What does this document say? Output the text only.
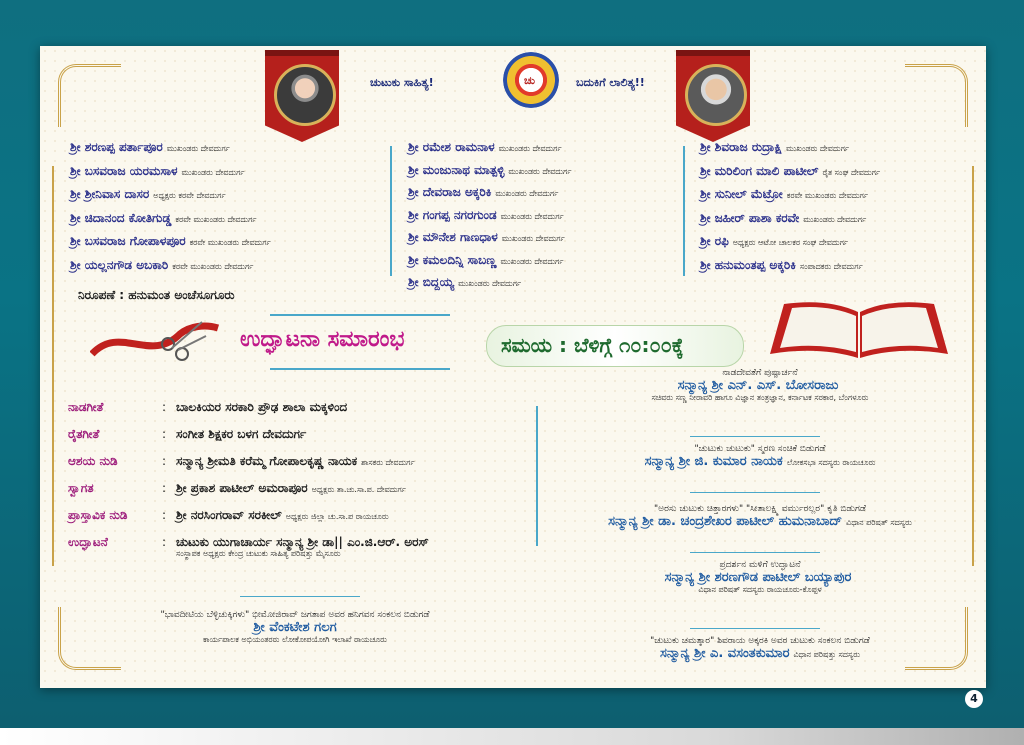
ಚುಟುಕು ಸಾಹಿತ್ಯ!	ಚು	ಬದುಕಿಗೆ ಲಾಲಿತ್ಯ!!
ಶ್ರೀ ಶರಣಪ್ಪ ಪರ್ತಾಪೂರ ಮುಖಂಡರು ದೇವದುರ್ಗ
ಶ್ರೀ ಬಸವರಾಜ ಯರಮಸಾಳ ಮುಖಂಡರು ದೇವದುರ್ಗ
ಶ್ರೀ ಶ್ರೀನಿವಾಸ ದಾಸರ ಅಧ್ಯಕ್ಷರು ಕರವೇ ದೇವದುರ್ಗ
ಶ್ರೀ ಚಿದಾನಂದ ಕೋತಿಗುಡ್ಡ ಕರವೇ ಮುಖಂಡರು ದೇವದುರ್ಗ
ಶ್ರೀ ಬಸವರಾಜ ಗೋಪಾಳಪೂರ ಕರವೇ ಮುಖಂಡರು ದೇವದುರ್ಗ
ಶ್ರೀ ಯಲ್ಲನಗೌಡ ಅಬಕಾರಿ ಕರವೇ ಮುಖಂಡರು ದೇವದುರ್ಗ
ಶ್ರೀ ರಮೇಶ ರಾಮನಾಳ ಮುಖಂಡರು ದೇವದುರ್ಗ
ಶ್ರೀ ಮಂಜುನಾಥ ಮಾತ್ಪಳ್ಳಿ ಮುಖಂಡರು ದೇವದುರ್ಗ
ಶ್ರೀ ದೇವರಾಜ ಅಕ್ಕರಿಕಿ ಮುಖಂಡರು ದೇವದುರ್ಗ
ಶ್ರೀ ಗಂಗಪ್ಪ ನಗರಗುಂಡ ಮುಖಂಡರು ದೇವದುರ್ಗ
ಶ್ರೀ ಮೌನೇಶ ಗಾಣಧಾಳ ಮುಖಂಡರು ದೇವದುರ್ಗ
ಶ್ರೀ ಕಮಲದಿನ್ನಿ ಸಾಬಣ್ಣ ಮುಖಂಡರು ದೇವದುರ್ಗ
ಶ್ರೀ ಬಿದ್ದಯ್ಯ ಮುಖಂಡರು ದೇವದುರ್ಗ
ಶ್ರೀ ಶಿವರಾಜ ರುದ್ರಾಕ್ಷಿ ಮುಖಂಡರು ದೇವದುರ್ಗ
ಶ್ರೀ ಮರಿಲಿಂಗ ಮಾಲಿ ಪಾಟೀಲ್ ರೈತ ಸಂಘ ದೇವದುರ್ಗ
ಶ್ರೀ ಸುನೀಲ್ ಮೆಟ್ರೋ ಕರವೇ ಮುಖಂಡರು ದೇವದುರ್ಗ
ಶ್ರೀ ಜಹೀರ್ ಪಾಶಾ ಕರವೇ ಮುಖಂಡರು ದೇವದುರ್ಗ
ಶ್ರೀ ರಫಿ ಅಧ್ಯಕ್ಷರು ಆಟೋ ಚಾಲಕರ ಸಂಘ ದೇವದುರ್ಗ
ಶ್ರೀ ಹನುಮಂತಪ್ಪ ಅಕ್ಕರಿಕಿ ಸಂಪಾದಕರು ದೇವದುರ್ಗ
ನಿರೂಪಣೆ : ಹನುಮಂತ ಅಂಚೆಸೂಗೂರು
ಉದ್ಘಾಟನಾ ಸಮಾರಂಭ	ಸಮಯ : ಬೆಳಿಗ್ಗೆ ೧೦:೦೦ಕ್ಕೆ
ನಾಡಗೀತೆ	: ಬಾಲಕಿಯರ ಸರಕಾರಿ ಪ್ರೌಢ ಶಾಲಾ ಮಕ್ಕಳಿಂದ
ರೈತಗೀತೆ	: ಸಂಗೀತ ಶಿಕ್ಷಕರ ಬಳಗ ದೇವದುರ್ಗ
ಆಶಯ ನುಡಿ	: ಸನ್ಮಾನ್ಯ ಶ್ರೀಮತಿ ಕರೆಮ್ಮ ಗೋಪಾಲಕೃಷ್ಣ ನಾಯಕ ಶಾಸಕರು ದೇವದುರ್ಗ
ಸ್ವಾಗತ	: ಶ್ರೀ ಪ್ರಕಾಶ ಪಾಟೀಲ್ ಅಮರಾಪೂರ ಅಧ್ಯಕ್ಷರು ತಾ.ಚು.ಸಾ.ಪ. ದೇವದುರ್ಗ
ಪ್ರಾಸ್ತಾವಿಕ ನುಡಿ	: ಶ್ರೀ ನರಸಿಂಗರಾವ್ ಸರಕೀಲ್ ಅಧ್ಯಕ್ಷರು ಜಿಲ್ಲಾ ಚು.ಸಾ.ಪ ರಾಯಚೂರು
ಉದ್ಘಾಟನೆ	: ಚುಟುಕು ಯುಗಾಚಾರ್ಯ ಸನ್ಮಾನ್ಯ ಶ್ರೀ ಡಾ|| ಎಂ.ಜಿ.ಆರ್. ಅರಸ್
ಸಂಸ್ಥಾಪಕ ಅಧ್ಯಕ್ಷರು ಕೇಂದ್ರ ಚುಟುಕು ಸಾಹಿತ್ಯ ಪರಿಷತ್ತು ಮೈಸೂರು
"ಭಾವದೀಟಿಯ ಬೆಳ್ಳಿಚುಕ್ಕಿಗಳು" ಭೀಮೋಜಿರಾವ್ ಜಗತಾಪ ಅವರ ಹನಿಗವನ ಸಂಕಲನ ಬಿಡುಗಡೆ
ಶ್ರೀ ವೆಂಕಟೇಶ ಗಲಗ
ಕಾರ್ಯಪಾಲಕ ಅಭಿಯಂತರರು ಲೋಕೋಪಯೋಗಿ ಇಲಾಖೆ ರಾಯಚೂರು
ನಾಡದೇವತೆಗೆ ಪುಷ್ಪಾರ್ಚನೆ
ಸನ್ಮಾನ್ಯ ಶ್ರೀ ಎನ್. ಎಸ್. ಬೋಸರಾಜು
ಸಚಿವರು ಸಣ್ಣ ನೀರಾವರಿ ಹಾಗೂ ವಿಜ್ಞಾನ ತಂತ್ರಜ್ಞಾನ, ಕರ್ನಾಟಕ ಸರಕಾರ, ಬೆಂಗಳೂರು
"ಚುಟುಕು ಚುಟುಕು" ಸ್ಮರಣ ಸಂಚಿಕೆ ಬಿಡುಗಡೆ
ಸನ್ಮಾನ್ಯ ಶ್ರೀ ಜಿ. ಕುಮಾರ ನಾಯಕ ಲೋಕಸಭಾ ಸದಸ್ಯರು ರಾಯಚೂರು
"ಅರಸು ಚುಟುಕು ಚಿತ್ತಾರಗಳು" "ಸೀತಾಲಕ್ಷ್ಮಿ ವರ್ಮುರಲ್ಲರ" ಕೃತಿ ಬಿಡುಗಡೆ
ಸನ್ಮಾನ್ಯ ಶ್ರೀ ಡಾ. ಚಂದ್ರಶೇಖರ ಪಾಟೀಲ್ ಹುಮನಾಬಾದ್ ವಿಧಾನ ಪರಿಷತ್ ಸದಸ್ಯರು
ಪ್ರದರ್ಶನ ಮಳಿಗೆ ಉದ್ಘಾಟನೆ
ಸನ್ಮಾನ್ಯ ಶ್ರೀ ಶರಣಗೌಡ ಪಾಟೀಲ್ ಬಯ್ಯಾಪುರ
ವಿಧಾನ ಪರಿಷತ್ ಸದಸ್ಯರು ರಾಯಚೂರು-ಕೊಪ್ಪಳ
"ಚುಟುಕು ಚಮತ್ಕಾರ" ಶಿವರಾಯ ಅಕ್ಕರಕಿ ಅವರ ಚುಟುಕು ಸಂಕಲನ ಬಿಡುಗಡೆ
ಸನ್ಮಾನ್ಯ ಶ್ರೀ ಎ. ವಸಂತಕುಮಾರ ವಿಧಾನ ಪರಿಷತ್ತು ಸದಸ್ಯರು
4
